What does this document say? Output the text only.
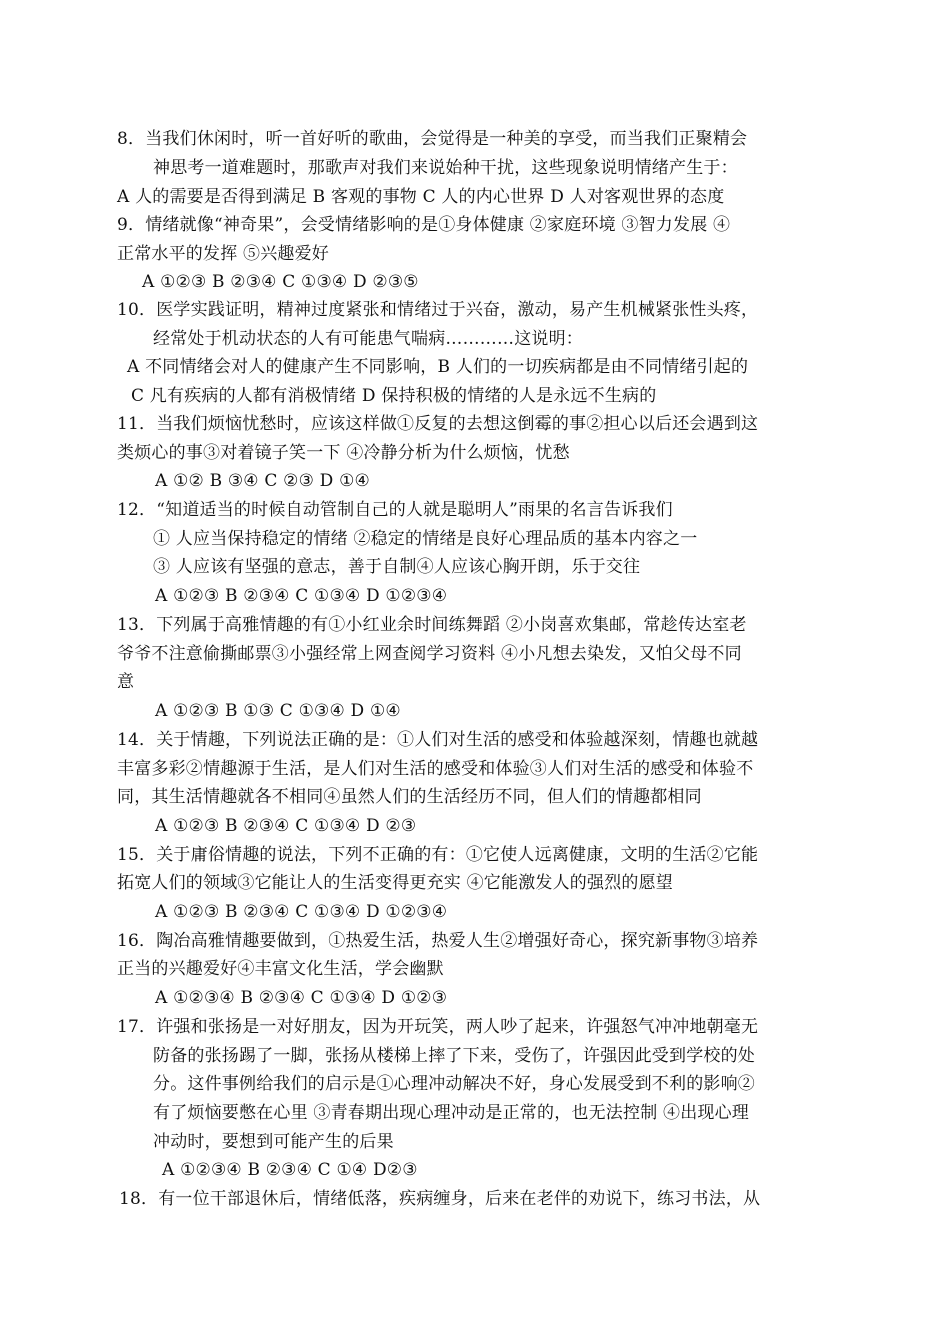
8．当我们休闲时，听一首好听的歌曲，会觉得是一种美的享受，而当我们正聚精会
神思考一道难题时，那歌声对我们来说始种干扰，这些现象说明情绪产生于：
A 人的需要是否得到满足 B 客观的事物 C 人的内心世界 D 人对客观世界的态度
9．情绪就像“神奇果”，会受情绪影响的是①身体健康 ②家庭环境 ③智力发展 ④
正常水平的发挥 ⑤兴趣爱好
A ①②③ B ②③④ C ①③④ D ②③⑤
10．医学实践证明，精神过度紧张和情绪过于兴奋，激动，易产生机械紧张性头疼，
经常处于机动状态的人有可能患气喘病…………这说明：
A 不同情绪会对人的健康产生不同影响，B 人们的一切疾病都是由不同情绪引起的
C 凡有疾病的人都有消极情绪 D 保持积极的情绪的人是永远不生病的
11．当我们烦恼忧愁时，应该这样做①反复的去想这倒霉的事②担心以后还会遇到这
类烦心的事③对着镜子笑一下 ④冷静分析为什么烦恼，忧愁
A ①② B ③④ C ②③ D ①④
12．“知道适当的时候自动管制自己的人就是聪明人”雨果的名言告诉我们
① 人应当保持稳定的情绪 ②稳定的情绪是良好心理品质的基本内容之一
③ 人应该有坚强的意志，善于自制④人应该心胸开朗，乐于交往
A ①②③ B ②③④ C ①③④ D ①②③④
13．下列属于高雅情趣的有①小红业余时间练舞蹈 ②小岗喜欢集邮，常趁传达室老
爷爷不注意偷撕邮票③小强经常上网查阅学习资料 ④小凡想去染发，又怕父母不同
意
A ①②③ B ①③ C ①③④ D ①④
14．关于情趣，下列说法正确的是：①人们对生活的感受和体验越深刻，情趣也就越
丰富多彩②情趣源于生活，是人们对生活的感受和体验③人们对生活的感受和体验不
同，其生活情趣就各不相同④虽然人们的生活经历不同，但人们的情趣都相同
A ①②③ B ②③④ C ①③④ D ②③
15．关于庸俗情趣的说法，下列不正确的有：①它使人远离健康，文明的生活②它能
拓宽人们的领域③它能让人的生活变得更充实 ④它能激发人的强烈的愿望
A ①②③ B ②③④ C ①③④ D ①②③④
16．陶冶高雅情趣要做到，①热爱生活，热爱人生②增强好奇心，探究新事物③培养
正当的兴趣爱好④丰富文化生活，学会幽默
A ①②③④ B ②③④ C ①③④ D ①②③
17．许强和张扬是一对好朋友，因为开玩笑，两人吵了起来，许强怒气冲冲地朝毫无
防备的张扬踢了一脚，张扬从楼梯上摔了下来，受伤了，许强因此受到学校的处
分。这件事例给我们的启示是①心理冲动解决不好，身心发展受到不利的影响②
有了烦恼要憋在心里 ③青春期出现心理冲动是正常的，也无法控制 ④出现心理
冲动时，要想到可能产生的后果
A ①②③④ B ②③④ C ①④ D②③
18．有一位干部退休后，情绪低落，疾病缠身，后来在老伴的劝说下，练习书法，从
